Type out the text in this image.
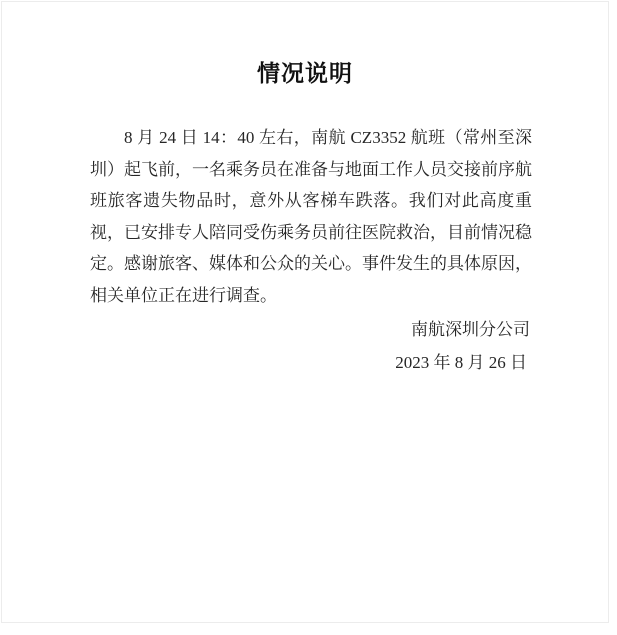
情况说明

8 月 24 日 14：40 左右，南航 CZ3352 航班（常州至深圳）起飞前，一名乘务员在准备与地面工作人员交接前序航班旅客遗失物品时，意外从客梯车跌落。我们对此高度重视，已安排专人陪同受伤乘务员前往医院救治，目前情况稳定。感谢旅客、媒体和公众的关心。事件发生的具体原因，相关单位正在进行调查。

南航深圳分公司
2023 年 8 月 26 日
